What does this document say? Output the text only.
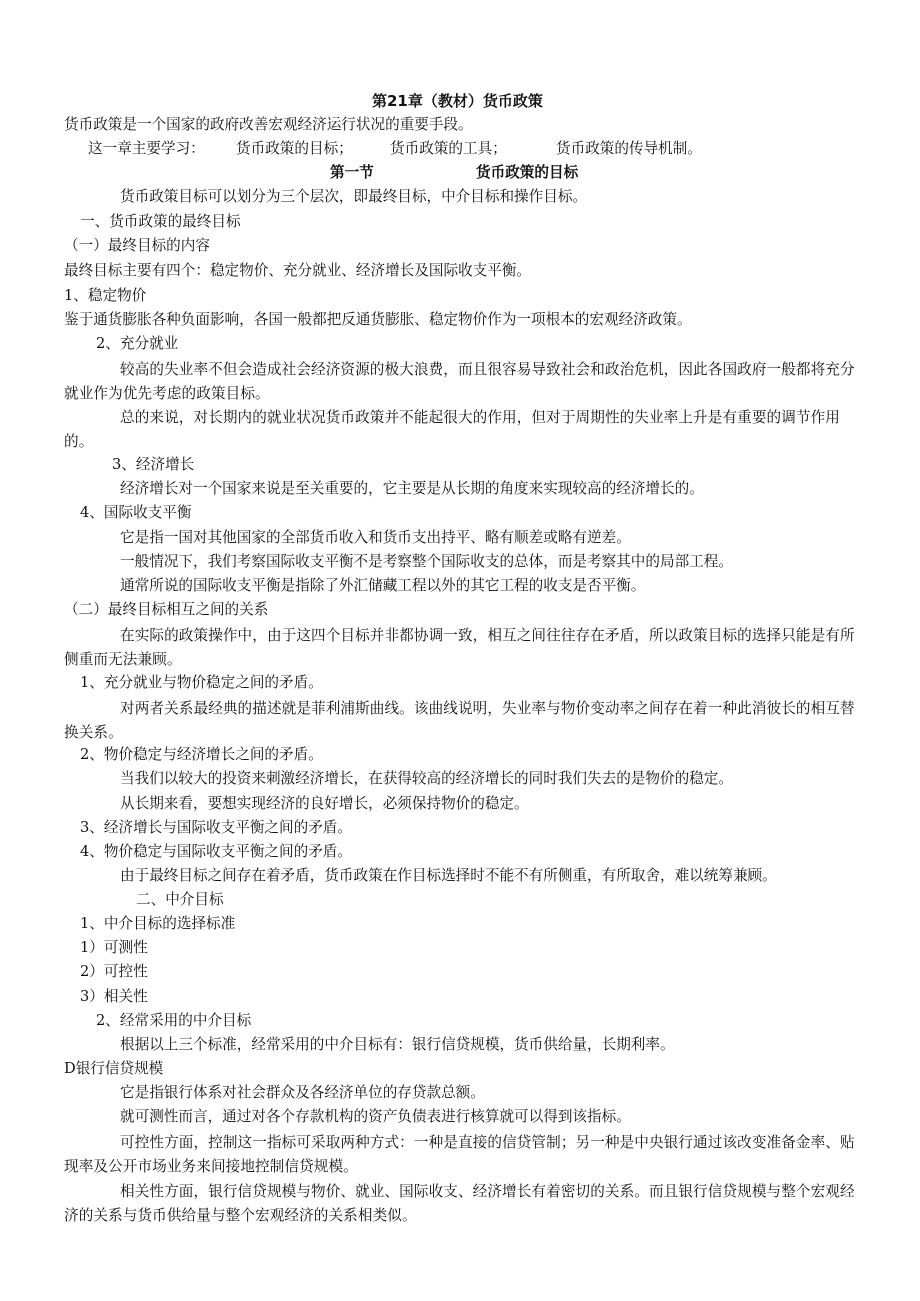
第21章（教材）货币政策
货币政策是一个国家的政府改善宏观经济运行状况的重要手段。
这一章主要学习： 货币政策的目标；	货币政策的工具；	货币政策的传导机制。
第一节	货币政策的目标
货币政策目标可以划分为三个层次，即最终目标，中介目标和操作目标。
一、货币政策的最终目标
（一）最终目标的内容
最终目标主要有四个：稳定物价、充分就业、经济增长及国际收支平衡。
1、稳定物价
鉴于通货膨胀各种负面影响，各国一般都把反通货膨胀、稳定物价作为一项根本的宏观经济政策。
2、充分就业
较高的失业率不但会造成社会经济资源的极大浪费，而且很容易导致社会和政治危机，因此各国政府一般都将充分就业作为优先考虑的政策目标。
总的来说，对长期内的就业状况货币政策并不能起很大的作用，但对于周期性的失业率上升是有重要的调节作用的。
3、经济增长
经济增长对一个国家来说是至关重要的，它主要是从长期的角度来实现较高的经济增长的。
4、国际收支平衡
它是指一国对其他国家的全部货币收入和货币支出持平、略有顺差或略有逆差。
一般情况下，我们考察国际收支平衡不是考察整个国际收支的总体，而是考察其中的局部工程。
通常所说的国际收支平衡是指除了外汇储藏工程以外的其它工程的收支是否平衡。
（二）最终目标相互之间的关系
在实际的政策操作中，由于这四个目标并非都协调一致，相互之间往往存在矛盾，所以政策目标的选择只能是有所侧重而无法兼顾。
1、充分就业与物价稳定之间的矛盾。
对两者关系最经典的描述就是菲利浦斯曲线。该曲线说明，失业率与物价变动率之间存在着一种此消彼长的相互替换关系。
2、物价稳定与经济增长之间的矛盾。
当我们以较大的投资来刺激经济增长，在获得较高的经济增长的同时我们失去的是物价的稳定。
从长期来看，要想实现经济的良好增长，必须保持物价的稳定。
3、经济增长与国际收支平衡之间的矛盾。
4、物价稳定与国际收支平衡之间的矛盾。
由于最终目标之间存在着矛盾，货币政策在作目标选择时不能不有所侧重，有所取舍，难以统筹兼顾。
二、中介目标
1、中介目标的选择标准
1）可测性
2）可控性
3）相关性
2、经常采用的中介目标
根据以上三个标准，经常采用的中介目标有：银行信贷规模，货币供给量，长期利率。
D银行信贷规模
它是指银行体系对社会群众及各经济单位的存贷款总额。
就可测性而言，通过对各个存款机构的资产负债表进行核算就可以得到该指标。
可控性方面，控制这一指标可采取两种方式：一种是直接的信贷管制；另一种是中央银行通过该改变准备金率、贴现率及公开市场业务来间接地控制信贷规模。
相关性方面，银行信贷规模与物价、就业、国际收支、经济增长有着密切的关系。而且银行信贷规模与整个宏观经济的关系与货币供给量与整个宏观经济的关系相类似。
